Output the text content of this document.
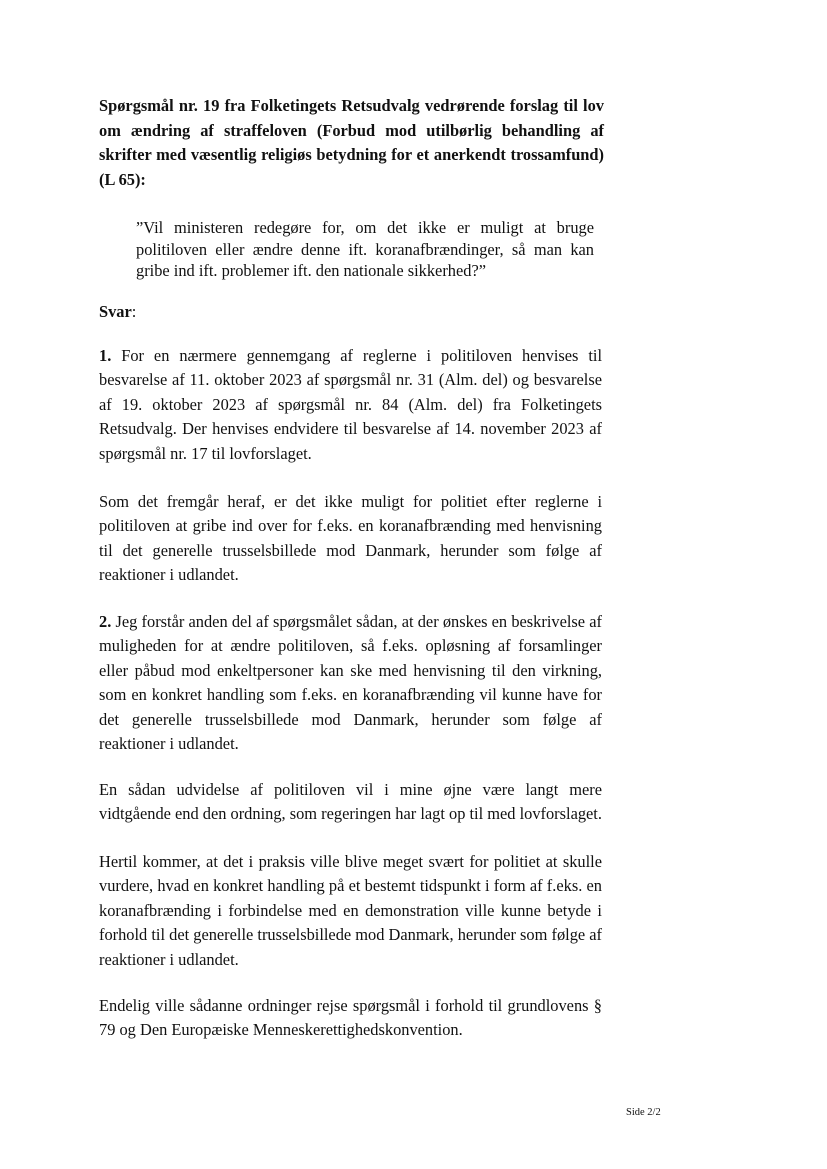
Spørgsmål nr. 19 fra Folketingets Retsudvalg vedrørende forslag til lov om ændring af straffeloven (Forbud mod utilbørlig behandling af skrifter med væsentlig religiøs betydning for et anerkendt trossamfund) (L 65):

”Vil ministeren redegøre for, om det ikke er muligt at bruge politiloven eller ændre denne ift. koranafbrændinger, så man kan gribe ind ift. problemer ift. den nationale sikkerhed?”

Svar:

1. For en nærmere gennemgang af reglerne i politiloven henvises til besvarelse af 11. oktober 2023 af spørgsmål nr. 31 (Alm. del) og besvarelse af 19. oktober 2023 af spørgsmål nr. 84 (Alm. del) fra Folketingets Retsudvalg. Der henvises endvidere til besvarelse af 14. november 2023 af spørgsmål nr. 17 til lovforslaget.

Som det fremgår heraf, er det ikke muligt for politiet efter reglerne i politiloven at gribe ind over for f.eks. en koranafbrænding med henvisning til det generelle trusselsbillede mod Danmark, herunder som følge af reaktioner i udlandet.

2. Jeg forstår anden del af spørgsmålet sådan, at der ønskes en beskrivelse af muligheden for at ændre politiloven, så f.eks. opløsning af forsamlinger eller påbud mod enkeltpersoner kan ske med henvisning til den virkning, som en konkret handling som f.eks. en koranafbrænding vil kunne have for det generelle trusselsbillede mod Danmark, herunder som følge af reaktioner i udlandet.

En sådan udvidelse af politiloven vil i mine øjne være langt mere vidtgående end den ordning, som regeringen har lagt op til med lovforslaget.

Hertil kommer, at det i praksis ville blive meget svært for politiet at skulle vurdere, hvad en konkret handling på et bestemt tidspunkt i form af f.eks. en koranafbrænding i forbindelse med en demonstration ville kunne betyde i forhold til det generelle trusselsbillede mod Danmark, herunder som følge af reaktioner i udlandet.

Endelig ville sådanne ordninger rejse spørgsmål i forhold til grundlovens § 79 og Den Europæiske Menneskerettighedskonvention.

Side 2/2
